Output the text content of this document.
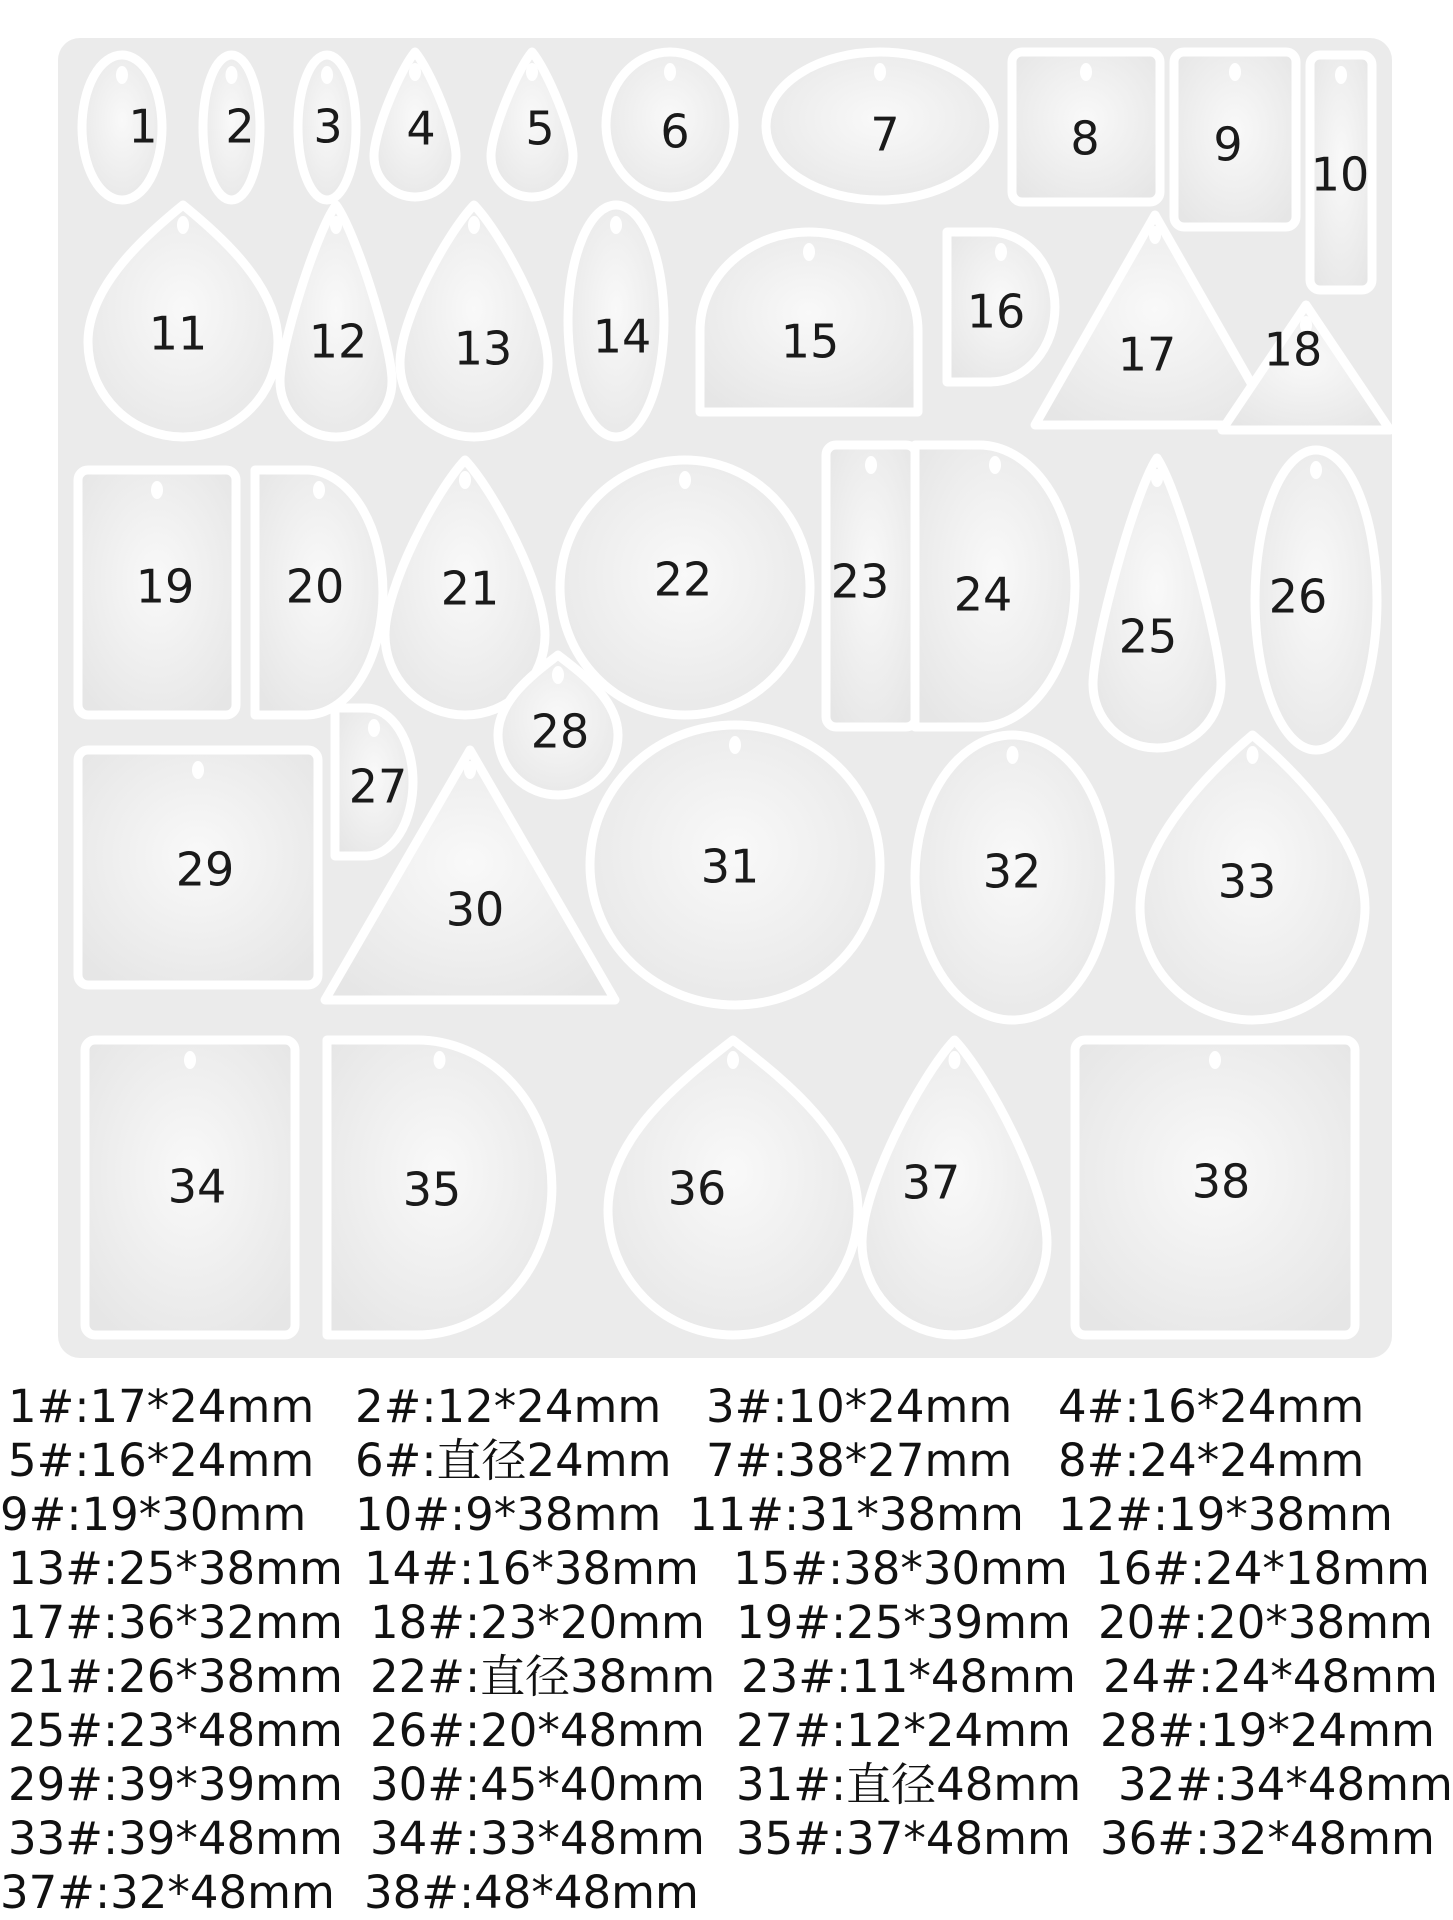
1 2 3 4 5 6	7	8 9
10
11 12 13 14	15
16
17 18
19 20 21	22	23 24
25
26
27
28
29
30
31	32	33
34	35	36	37	38
1#:17*24mm 2#:12*24mm 3#:10*24mm 4#:16*24mm
5#:16*24mm 6#:直径24mm 7#:38*27mm 8#:24*24mm
9#:19*30mm 10#:9*38mm 11#:31*38mm 12#:19*38mm
13#:25*38mm 14#:16*38mm 15#:38*30mm 16#:24*18mm
17#:36*32mm 18#:23*20mm 19#:25*39mm 20#:20*38mm
21#:26*38mm 22#:直径38mm 23#:11*48mm 24#:24*48mm
25#:23*48mm 26#:20*48mm 27#:12*24mm 28#:19*24mm
29#:39*39mm 30#:45*40mm 31#:直径48mm 32#:34*48mm
33#:39*48mm 34#:33*48mm 35#:37*48mm 36#:32*48mm
37#:32*48mm 38#:48*48mm
